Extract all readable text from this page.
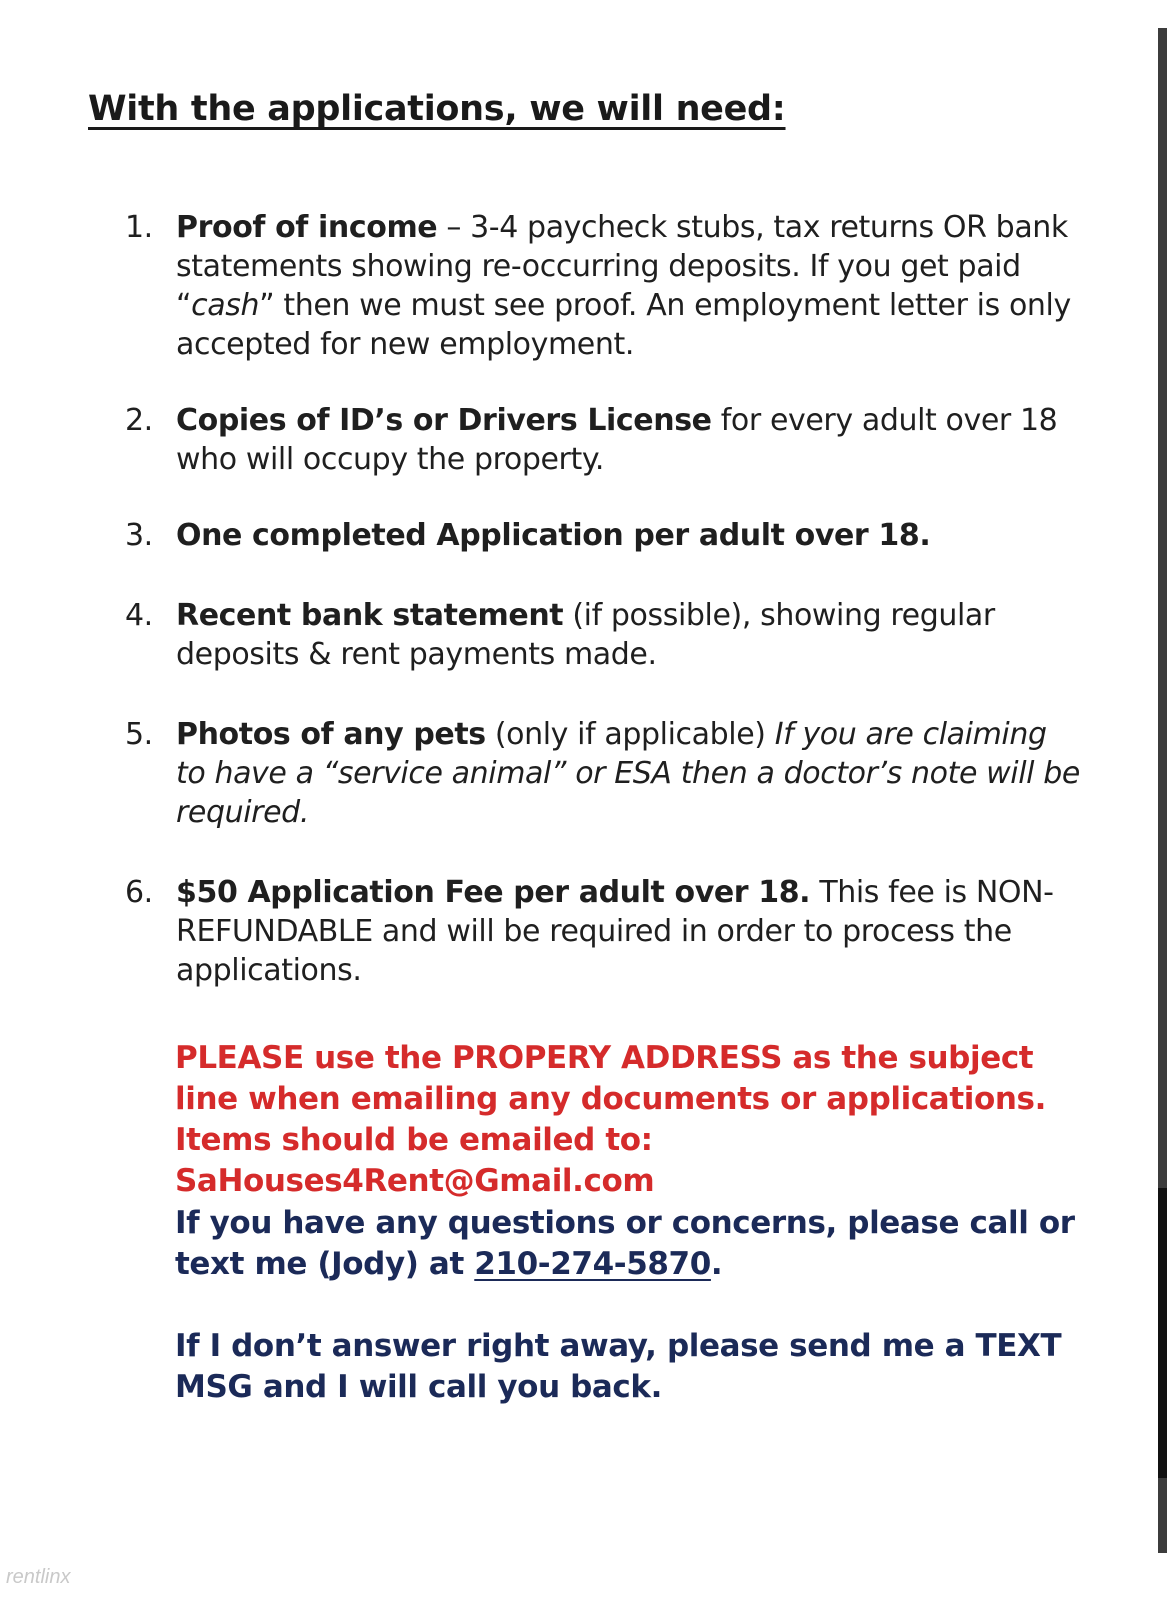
With the applications, we will need:
1. Proof of income – 3-4 paycheck stubs, tax returns OR bank statements showing re-occurring deposits. If you get paid “cash” then we must see proof. An employment letter is only accepted for new employment.
2. Copies of ID’s or Drivers License for every adult over 18 who will occupy the property.
3. One completed Application per adult over 18.
4. Recent bank statement (if possible), showing regular deposits & rent payments made.
5. Photos of any pets (only if applicable) If you are claiming to have a “service animal” or ESA then a doctor’s note will be required.
6. $50 Application Fee per adult over 18. This fee is NON-REFUNDABLE and will be required in order to process the applications.

PLEASE use the PROPERY ADDRESS as the subject line when emailing any documents or applications. Items should be emailed to: SaHouses4Rent@Gmail.com

If you have any questions or concerns, please call or text me (Jody) at 210-274-5870.

If I don’t answer right away, please send me a TEXT MSG and I will call you back.

rentlinx
